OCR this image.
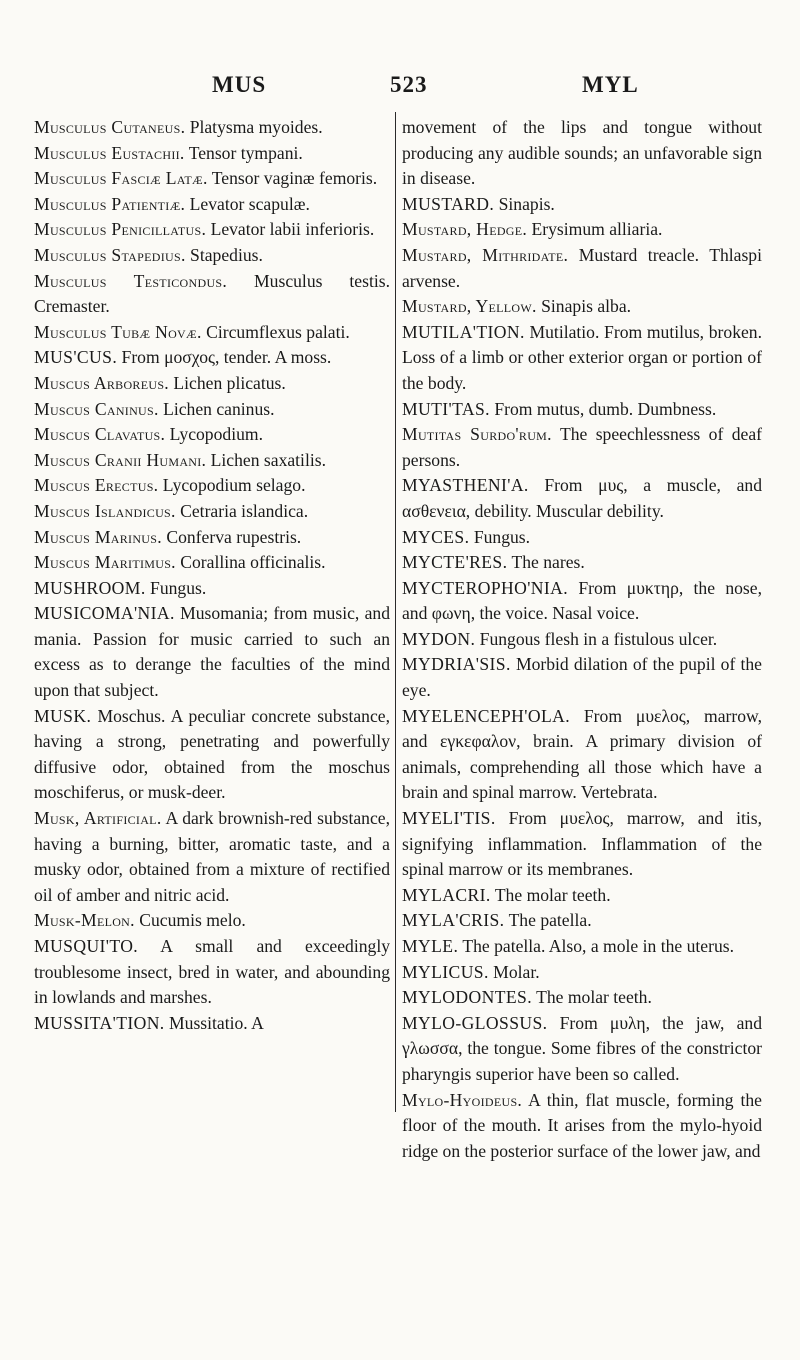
MUS	523	MYL

Musculus Cutaneus. Platysma myoides.

Musculus Eustachii. Tensor tympani.

Musculus Fasciæ Latæ. Tensor vaginæ femoris.

Musculus Patientiæ. Levator scapulæ.

Musculus Penicillatus. Levator labii inferioris.

Musculus Stapedius. Stapedius.

Musculus Testicondus. Musculus testis. Cremaster.

Musculus Tubæ Novæ. Circumflexus palati.

MUS'CUS. From μοσχος, tender. A moss.

Muscus Arboreus. Lichen plicatus.

Muscus Caninus. Lichen caninus.

Muscus Clavatus. Lycopodium.

Muscus Cranii Humani. Lichen saxatilis.

Muscus Erectus. Lycopodium selago.

Muscus Islandicus. Cetraria islandica.

Muscus Marinus. Conferva rupestris.

Muscus Maritimus. Corallina officinalis.

MUSHROOM. Fungus.

MUSICOMA'NIA. Musomania; from music, and mania. Passion for music carried to such an excess as to derange the faculties of the mind upon that subject.

MUSK. Moschus. A peculiar concrete substance, having a strong, penetrating and powerfully diffusive odor, obtained from the moschus moschiferus, or musk-deer.

Musk, Artificial. A dark brownish-red substance, having a burning, bitter, aromatic taste, and a musky odor, obtained from a mixture of rectified oil of amber and nitric acid.

Musk-Melon. Cucumis melo.

MUSQUI'TO. A small and exceedingly troublesome insect, bred in water, and abounding in lowlands and marshes.

MUSSITA'TION. Mussitatio. A

movement of the lips and tongue without producing any audible sounds; an unfavorable sign in disease.

MUSTARD. Sinapis.

Mustard, Hedge. Erysimum alliaria.

Mustard, Mithridate. Mustard treacle. Thlaspi arvense.

Mustard, Yellow. Sinapis alba.

MUTILA'TION. Mutilatio. From mutilus, broken. Loss of a limb or other exterior organ or portion of the body.

MUTI'TAS. From mutus, dumb. Dumbness.

Mutitas Surdo'rum. The speechlessness of deaf persons.

MYASTHENI'A. From μυς, a muscle, and ασθενεια, debility. Muscular debility.

MYCES. Fungus.

MYCTE'RES. The nares.

MYCTEROPHO'NIA. From μυκτηρ, the nose, and φωνη, the voice. Nasal voice.

MYDON. Fungous flesh in a fistulous ulcer.

MYDRIA'SIS. Morbid dilation of the pupil of the eye.

MYELENCEPH'OLA. From μυελος, marrow, and εγκεφαλον, brain. A primary division of animals, comprehending all those which have a brain and spinal marrow. Vertebrata.

MYELI'TIS. From μυελος, marrow, and itis, signifying inflammation. Inflammation of the spinal marrow or its membranes.

MYLACRI. The molar teeth.

MYLA'CRIS. The patella.

MYLE. The patella. Also, a mole in the uterus.

MYLICUS. Molar.

MYLODONTES. The molar teeth.

MYLO-GLOSSUS. From μυλη, the jaw, and γλωσσα, the tongue. Some fibres of the constrictor pharyngis superior have been so called.

Mylo-Hyoideus. A thin, flat muscle, forming the floor of the mouth. It arises from the mylo-hyoid ridge on the posterior surface of the lower jaw, and
